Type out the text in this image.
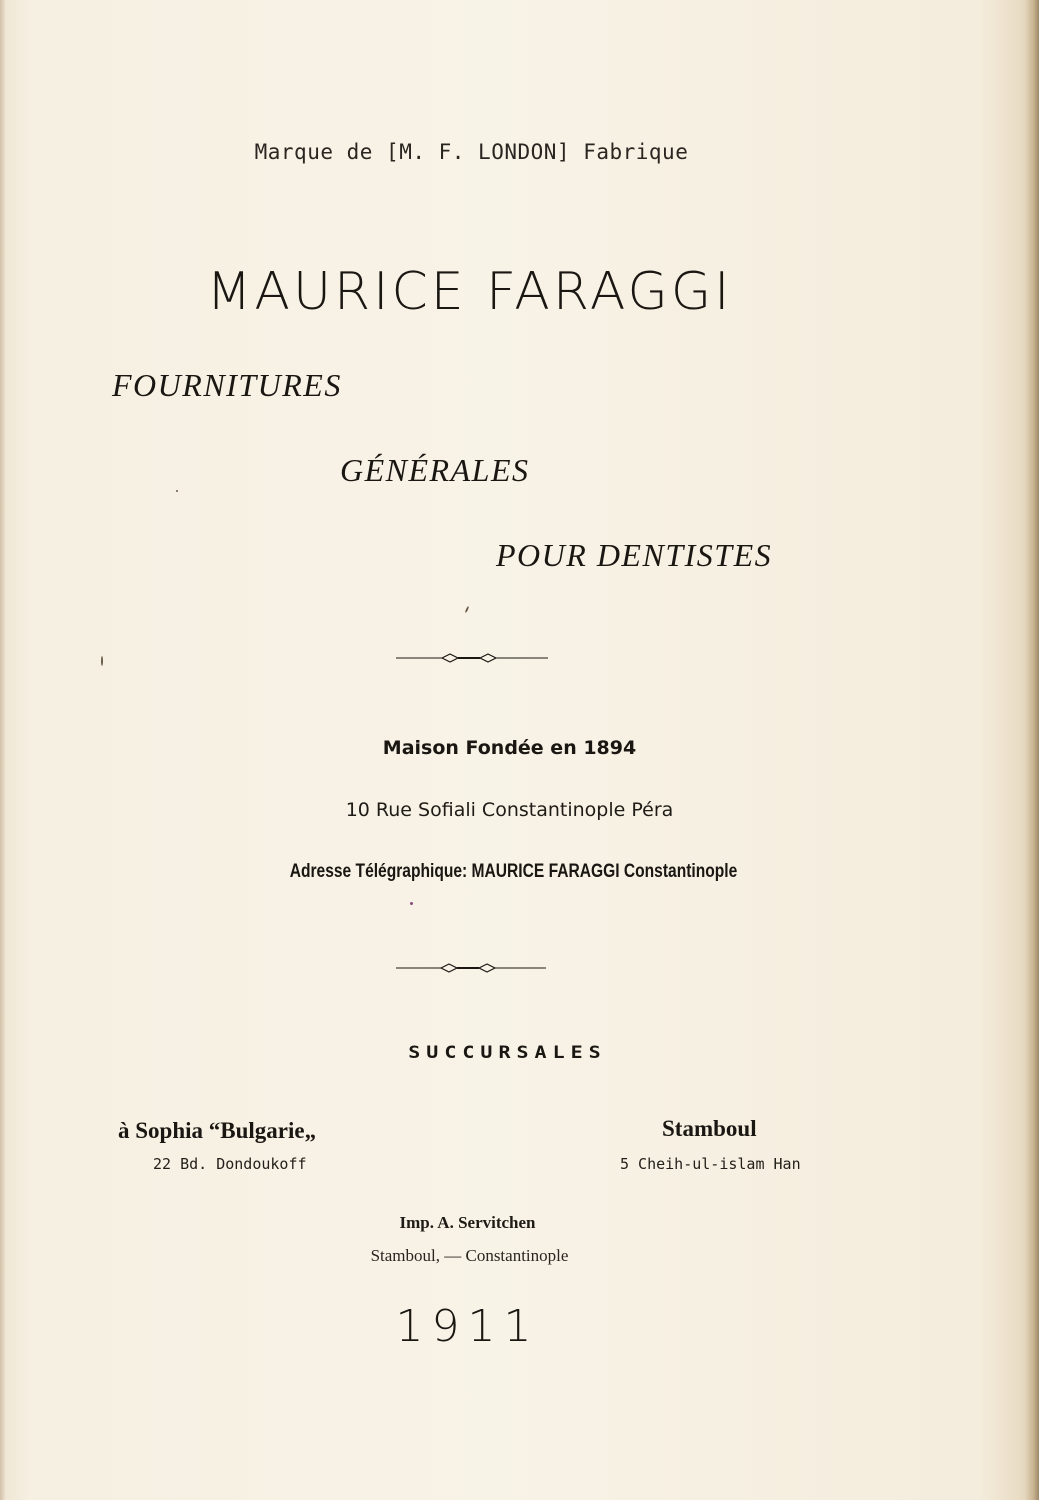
Marque de [M. F. LONDON] Fabrique
MAURICE FARAGGI
FOURNITURES
GÉNÉRALES
POUR DENTISTES
Maison Fondée en 1894
10 Rue Sofiali Constantinople Péra
Adresse Télégraphique: MAURICE FARAGGI Constantinople
SUCCURSALES
à Sophia “Bulgarie„
22 Bd. Dondoukoff
Stamboul
5 Cheih-ul-islam Han
Imp. A. Servitchen
Stamboul, — Constantinople
1911
